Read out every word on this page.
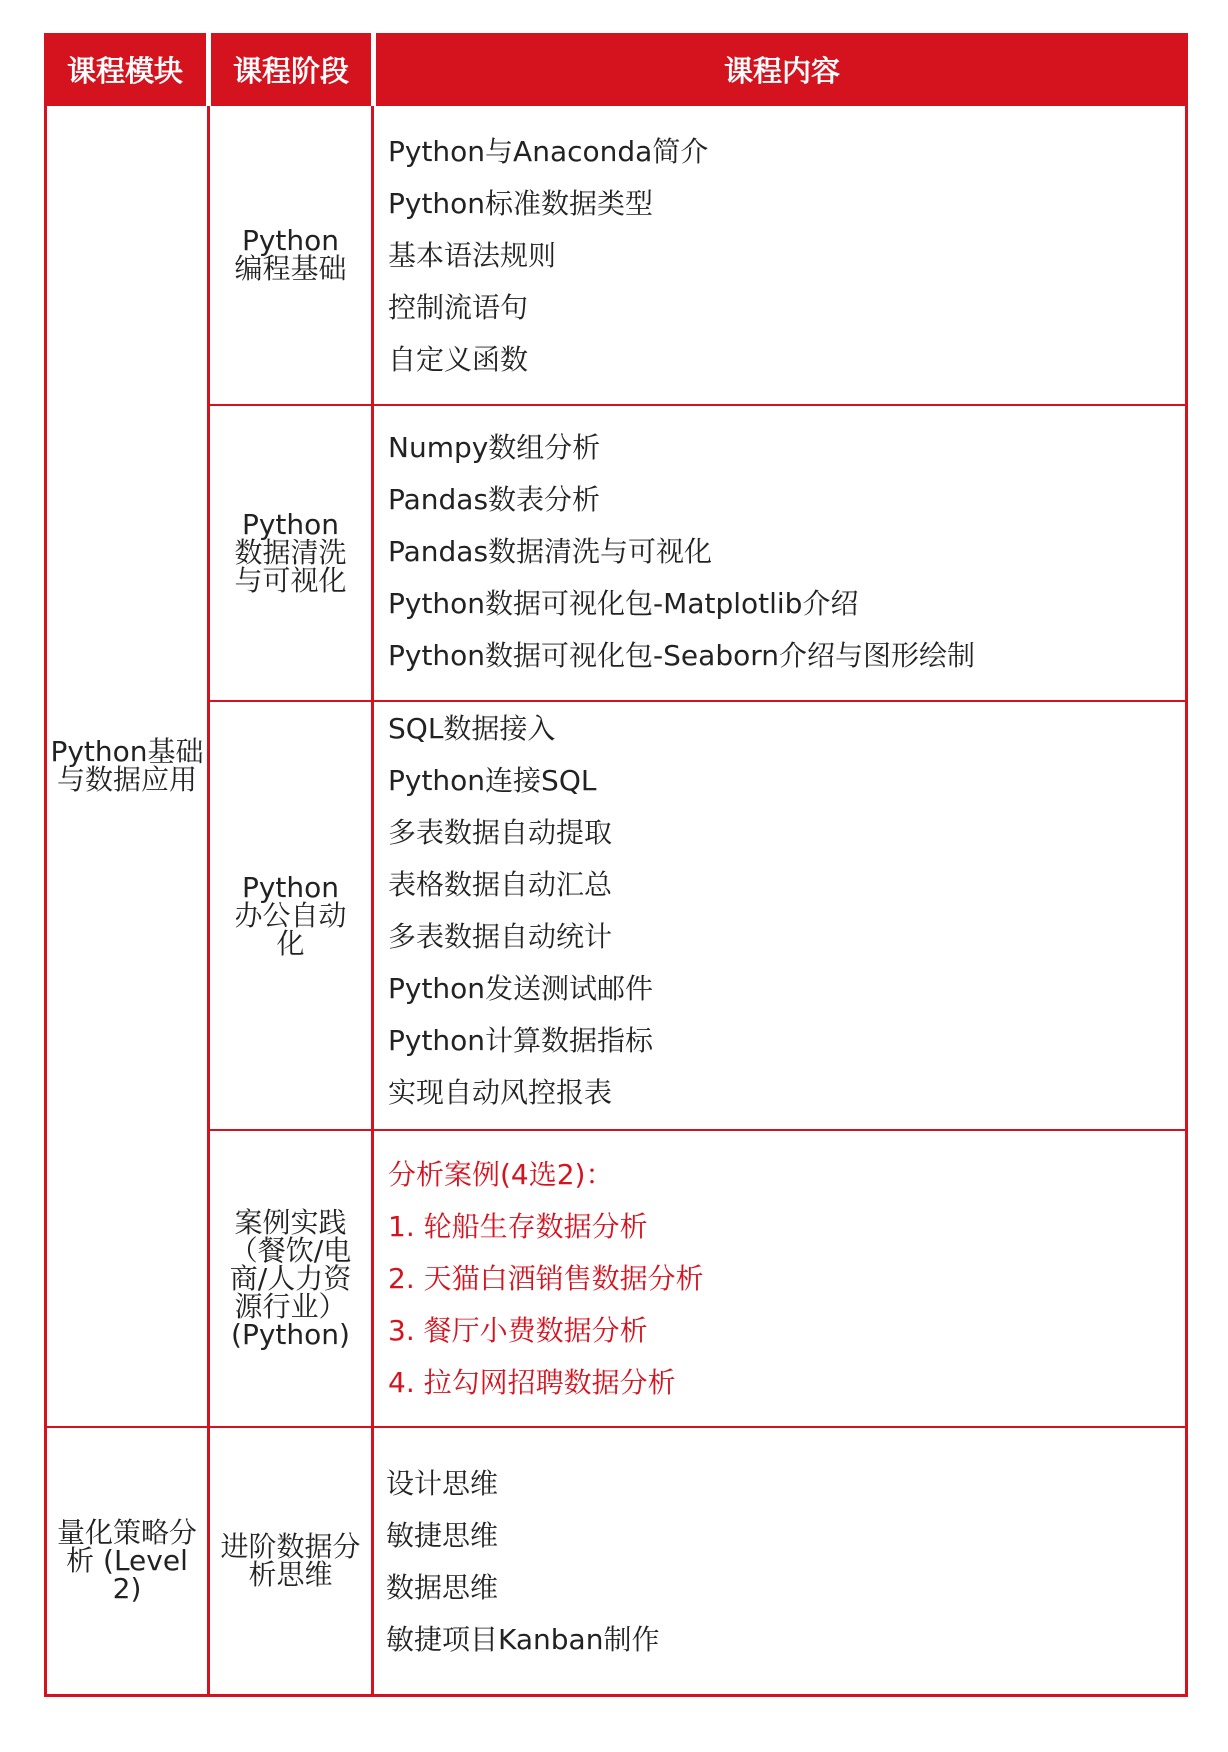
课程模块	课程阶段	课程内容
Python基础与数据应用
量化策略分析 (Level 2)
Python编程基础
Python数据清洗与可视化
Python办公自动化
案例实践（餐饮/电商/人力资源行业）(Python)
进阶数据分析思维
Python与Anaconda简介
Python标准数据类型
基本语法规则
控制流语句
自定义函数
Numpy数组分析
Pandas数表分析
Pandas数据清洗与可视化
Python数据可视化包-Matplotlib介绍
Python数据可视化包-Seaborn介绍与图形绘制
SQL数据接入
Python连接SQL
多表数据自动提取
表格数据自动汇总
多表数据自动统计
Python发送测试邮件
Python计算数据指标
实现自动风控报表
分析案例(4选2)：
1. 轮船生存数据分析
2. 天猫白酒销售数据分析
3. 餐厅小费数据分析
4. 拉勾网招聘数据分析
设计思维
敏捷思维
数据思维
敏捷项目Kanban制作
